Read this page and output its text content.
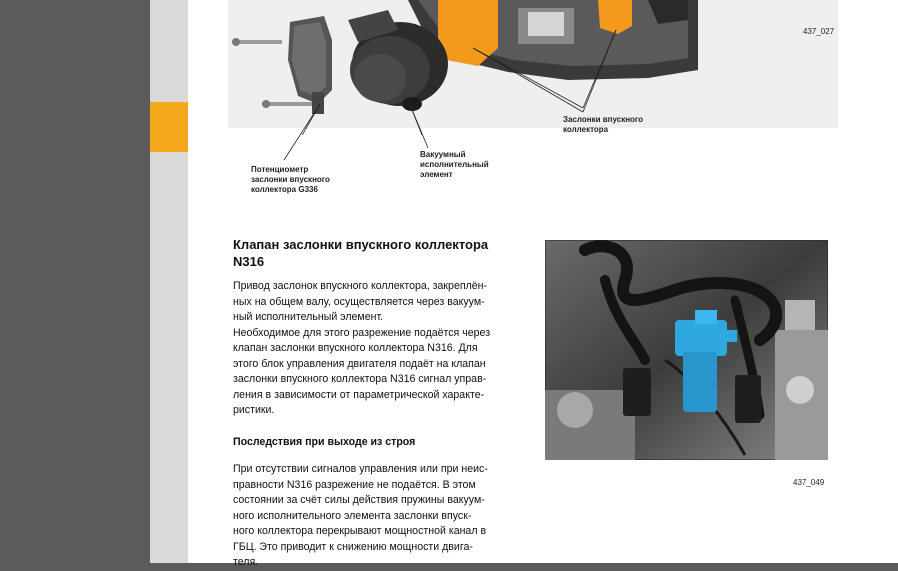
437_027
Потенциометр
заслонки впускного
коллектора G336
Вакуумный
исполнительный
элемент
Заслонки впускного
коллектора
Клапан заслонки впускного коллектора
N316
Привод заслонок впускного коллектора, закреплён-
ных на общем валу, осуществляется через вакуум-
ный исполнительный элемент.
Необходимое для этого разрежение подаётся через
клапан заслонки впускного коллектора N316. Для
этого блок управления двигателя подаёт на клапан
заслонки впускного коллектора N316 сигнал управ-
ления в зависимости от параметрической характе-
ристики.
Последствия при выходе из строя
При отсутствии сигналов управления или при неис-
правности N316 разрежение не подаётся. В этом
состоянии за счёт силы действия пружины вакуум-
ного исполнительного элемента заслонки впуск-
ного коллектора перекрывают мощностной канал в
ГБЦ. Это приводит к снижению мощности двига-
теля.
437_049
